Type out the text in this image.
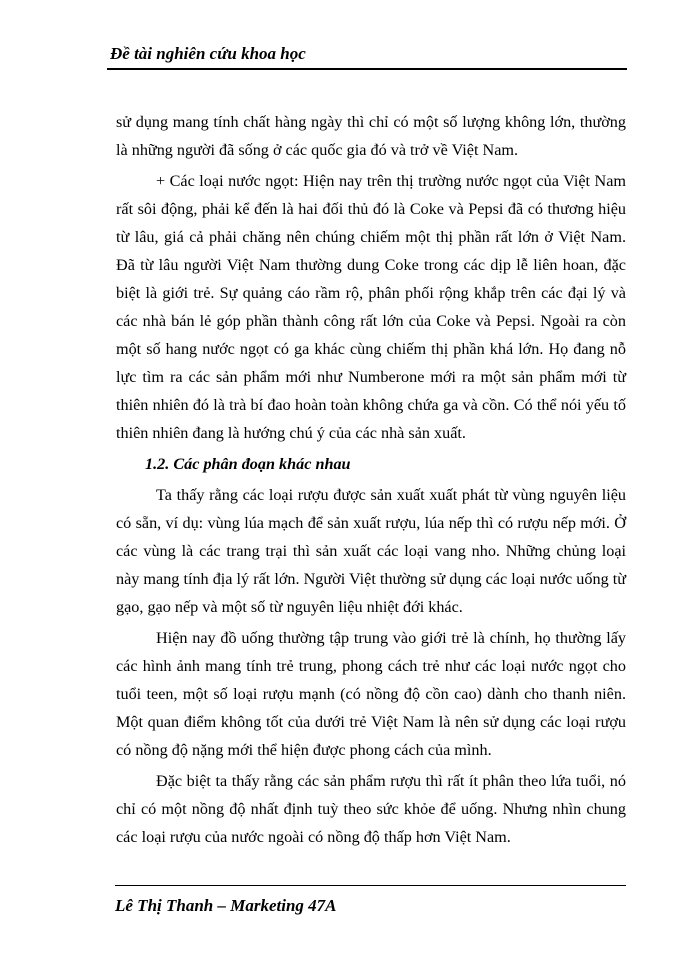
Đề tài nghiên cứu khoa học

sử dụng mang tính chất hàng ngày thì chỉ có một số lượng không lớn, thường là những người đã sống ở các quốc gia đó và trở về Việt Nam.

+ Các loại nước ngọt: Hiện nay trên thị trường nước ngọt của Việt Nam rất sôi động, phải kể đến là hai đối thủ đó là Coke và Pepsi đã có thương hiệu từ lâu, giá cả phải chăng nên chúng chiếm một thị phần rất lớn ở Việt Nam. Đã từ lâu người Việt Nam thường dung Coke trong các dịp lễ liên hoan, đặc biệt là giới trẻ. Sự quảng cáo rầm rộ, phân phối rộng khắp trên các đại lý và các nhà bán lẻ góp phần thành công rất lớn của Coke và Pepsi. Ngoài ra còn một số hang nước ngọt có ga khác cùng chiếm thị phần khá lớn. Họ đang nỗ lực tìm ra các sản phẩm mới như Numberone mới ra một sản phẩm mới từ thiên nhiên đó là trà bí đao hoàn toàn không chứa ga và cồn. Có thể nói yếu tố thiên nhiên đang là hướng chú ý của các nhà sản xuất.

1.2. Các phân đoạn khác nhau

Ta thấy rằng các loại rượu được sản xuất xuất phát từ vùng nguyên liệu có sẵn, ví dụ: vùng lúa mạch để sản xuất rượu, lúa nếp thì có rượu nếp mới. Ở các vùng là các trang trại thì sản xuất các loại vang nho. Những chủng loại này mang tính địa lý rất lớn. Người Việt thường sử dụng các loại nước uống từ gạo, gạo nếp và một số từ nguyên liệu nhiệt đới khác.

Hiện nay đồ uống thường tập trung vào giới trẻ là chính, họ thường lấy các hình ảnh mang tính trẻ trung, phong cách trẻ như các loại nước ngọt cho tuổi teen, một số loại rượu mạnh (có nồng độ cồn cao) dành cho thanh niên. Một quan điểm không tốt của dưới trẻ Việt Nam là nên sử dụng các loại rượu có nồng độ nặng mới thể hiện được phong cách của mình.

Đặc biệt ta thấy rằng các sản phẩm rượu thì rất ít phân theo lứa tuổi, nó chỉ có một nồng độ nhất định tuỳ theo sức khỏe để uống. Nhưng nhìn chung các loại rượu của nước ngoài có nồng độ thấp hơn Việt Nam.

Lê Thị Thanh – Marketing 47A
